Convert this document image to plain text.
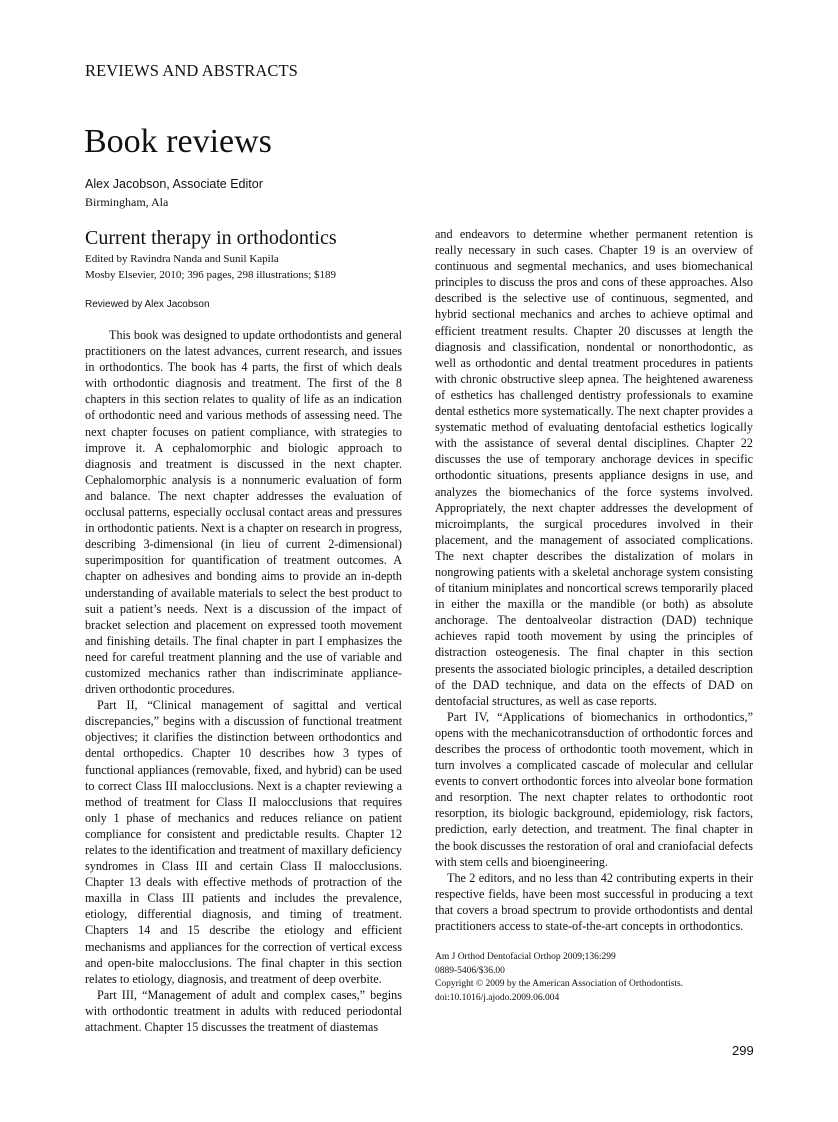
REVIEWS AND ABSTRACTS
Book reviews
Alex Jacobson, Associate Editor
Birmingham, Ala
Current therapy in orthodontics
Edited by Ravindra Nanda and Sunil Kapila
Mosby Elsevier, 2010; 396 pages, 298 illustrations; $189
Reviewed by Alex Jacobson

This book was designed to update orthodontists and general practitioners on the latest advances, current research, and issues in orthodontics. The book has 4 parts, the first of which deals with orthodontic diagnosis and treatment. The first of the 8 chapters in this section relates to quality of life as an indication of orthodontic need and various methods of assessing need. The next chapter focuses on patient compliance, with strategies to improve it. A cephalomorphic and biologic approach to diagnosis and treatment is discussed in the next chapter. Cephalomorphic analysis is a nonnumeric evaluation of form and balance. The next chapter addresses the evaluation of occlusal patterns, especially occlusal contact areas and pressures in orthodontic patients. Next is a chapter on research in progress, describing 3-dimensional (in lieu of current 2-dimensional) superimposition for quantification of treatment outcomes. A chapter on adhesives and bonding aims to provide an in-depth understanding of available materials to select the best product to suit a patient’s needs. Next is a discussion of the impact of bracket selection and placement on expressed tooth movement and finishing details. The final chapter in part I emphasizes the need for careful treatment planning and the use of variable and customized mechanics rather than indiscriminate appliance-driven orthodontic procedures.

Part II, “Clinical management of sagittal and vertical discrepancies,” begins with a discussion of functional treatment objectives; it clarifies the distinction between orthodontics and dental orthopedics. Chapter 10 describes how 3 types of functional appliances (removable, fixed, and hybrid) can be used to correct Class III malocclusions. Next is a chapter reviewing a method of treatment for Class II malocclusions that requires only 1 phase of mechanics and reduces reliance on patient compliance for consistent and predictable results. Chapter 12 relates to the identification and treatment of maxillary deficiency syndromes in Class III and certain Class II malocclusions. Chapter 13 deals with effective methods of protraction of the maxilla in Class III patients and includes the prevalence, etiology, differential diagnosis, and timing of treatment. Chapters 14 and 15 describe the etiology and efficient mechanisms and appliances for the correction of vertical excess and open-bite malocclusions. The final chapter in this section relates to etiology, diagnosis, and treatment of deep overbite.

Part III, “Management of adult and complex cases,” begins with orthodontic treatment in adults with reduced periodontal attachment. Chapter 15 discusses the treatment of diastemas

and endeavors to determine whether permanent retention is really necessary in such cases. Chapter 19 is an overview of continuous and segmental mechanics, and uses biomechanical principles to discuss the pros and cons of these approaches. Also described is the selective use of continuous, segmented, and hybrid sectional mechanics and arches to achieve optimal and efficient treatment results. Chapter 20 discusses at length the diagnosis and classification, nondental or nonorthodontic, as well as orthodontic and dental treatment procedures in patients with chronic obstructive sleep apnea. The heightened awareness of esthetics has challenged dentistry professionals to examine dental esthetics more systematically. The next chapter provides a systematic method of evaluating dentofacial esthetics logically with the assistance of several dental disciplines. Chapter 22 discusses the use of temporary anchorage devices in specific orthodontic situations, presents appliance designs in use, and analyzes the biomechanics of the force systems involved. Appropriately, the next chapter addresses the development of microimplants, the surgical procedures involved in their placement, and the management of associated complications. The next chapter describes the distalization of molars in nongrowing patients with a skeletal anchorage system consisting of titanium miniplates and noncortical screws temporarily placed in either the maxilla or the mandible (or both) as absolute anchorage. The dentoalveolar distraction (DAD) technique achieves rapid tooth movement by using the principles of distraction osteogenesis. The final chapter in this section presents the associated biologic principles, a detailed description of the DAD technique, and data on the effects of DAD on dentofacial structures, as well as case reports.

Part IV, “Applications of biomechanics in orthodontics,” opens with the mechanicotransduction of orthodontic forces and describes the process of orthodontic tooth movement, which in turn involves a complicated cascade of molecular and cellular events to convert orthodontic forces into alveolar bone formation and resorption. The next chapter relates to orthodontic root resorption, its biologic background, epidemiology, risk factors, prediction, early detection, and treatment. The final chapter in the book discusses the restoration of oral and craniofacial defects with stem cells and bioengineering.

The 2 editors, and no less than 42 contributing experts in their respective fields, have been most successful in producing a text that covers a broad spectrum to provide orthodontists and dental practitioners access to state-of-the-art concepts in orthodontics.

Am J Orthod Dentofacial Orthop 2009;136:299
0889-5406/$36.00
Copyright © 2009 by the American Association of Orthodontists.
doi:10.1016/j.ajodo.2009.06.004
299
